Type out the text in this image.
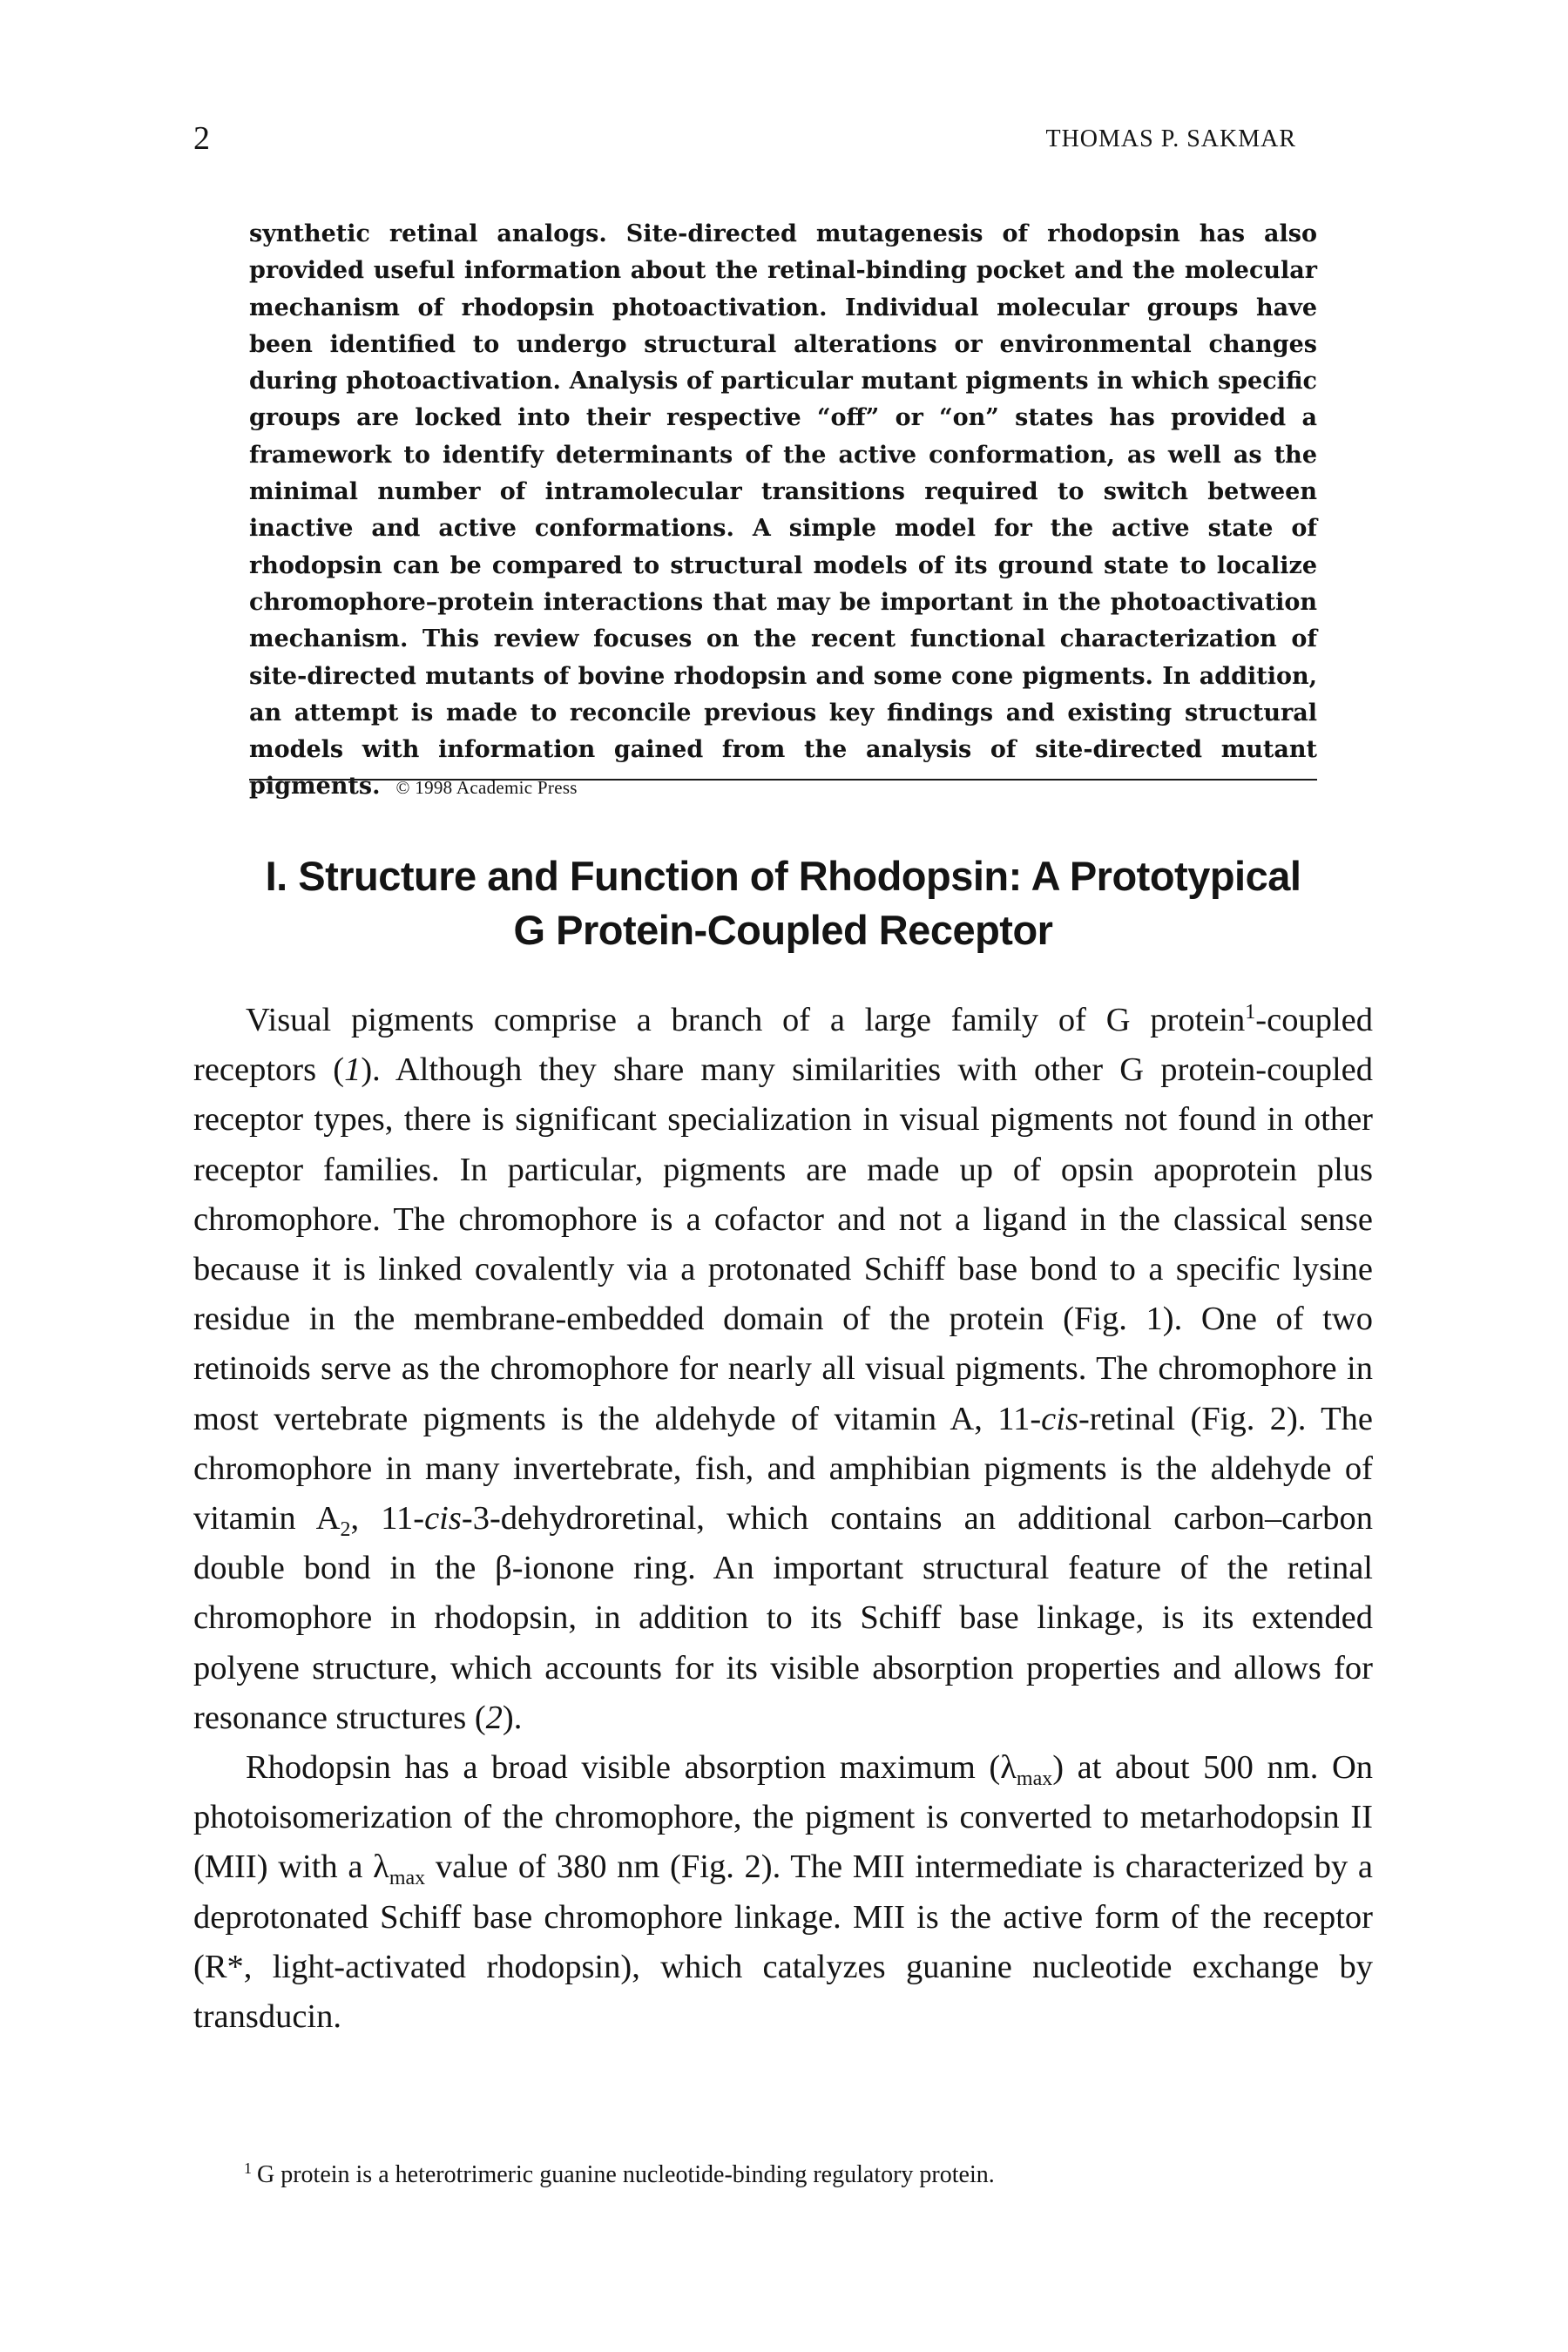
2	THOMAS P. SAKMAR

synthetic retinal analogs. Site-directed mutagenesis of rhodopsin has also provided useful information about the retinal-binding pocket and the molecular mechanism of rhodopsin photoactivation. Individual molecular groups have been identified to undergo structural alterations or environmental changes during photoactivation. Analysis of particular mutant pigments in which specific groups are locked into their respective “off” or “on” states has provided a framework to identify determinants of the active conformation, as well as the minimal number of intramolecular transitions required to switch between inactive and active conformations. A simple model for the active state of rhodopsin can be compared to structural models of its ground state to localize chromophore–protein interactions that may be important in the photoactivation mechanism. This review focuses on the recent functional characterization of site-directed mutants of bovine rhodopsin and some cone pigments. In addition, an attempt is made to reconcile previous key findings and existing structural models with information gained from the analysis of site-directed mutant pigments. © 1998 Academic Press

I. Structure and Function of Rhodopsin: A Prototypical
G Protein-Coupled Receptor

Visual pigments comprise a branch of a large family of G protein$^1$-coupled receptors (1). Although they share many similarities with other G protein-coupled receptor types, there is significant specialization in visual pigments not found in other receptor families. In particular, pigments are made up of opsin apoprotein plus chromophore. The chromophore is a cofactor and not a ligand in the classical sense because it is linked covalently via a protonated Schiff base bond to a specific lysine residue in the membrane-embedded domain of the protein (Fig. 1). One of two retinoids serve as the chromophore for nearly all visual pigments. The chromophore in most vertebrate pigments is the aldehyde of vitamin A, 11-cis-retinal (Fig. 2). The chromophore in many invertebrate, fish, and amphibian pigments is the aldehyde of vitamin $A_2$, 11-cis-3-dehydroretinal, which contains an additional carbon–carbon double bond in the β-ionone ring. An important structural feature of the retinal chromophore in rhodopsin, in addition to its Schiff base linkage, is its extended polyene structure, which accounts for its visible absorption properties and allows for resonance structures (2).

Rhodopsin has a broad visible absorption maximum $(\lambda_{max})$ at about 500 nm. On photoisomerization of the chromophore, the pigment is converted to metarhodopsin II (MII) with a $\lambda_{max}$ value of 380 nm (Fig. 2). The MII intermediate is characterized by a deprotonated Schiff base chromophore linkage. MII is the active form of the receptor (R*, light-activated rhodopsin), which catalyzes guanine nucleotide exchange by transducin.

$^1$ G protein is a heterotrimeric guanine nucleotide-binding regulatory protein.
